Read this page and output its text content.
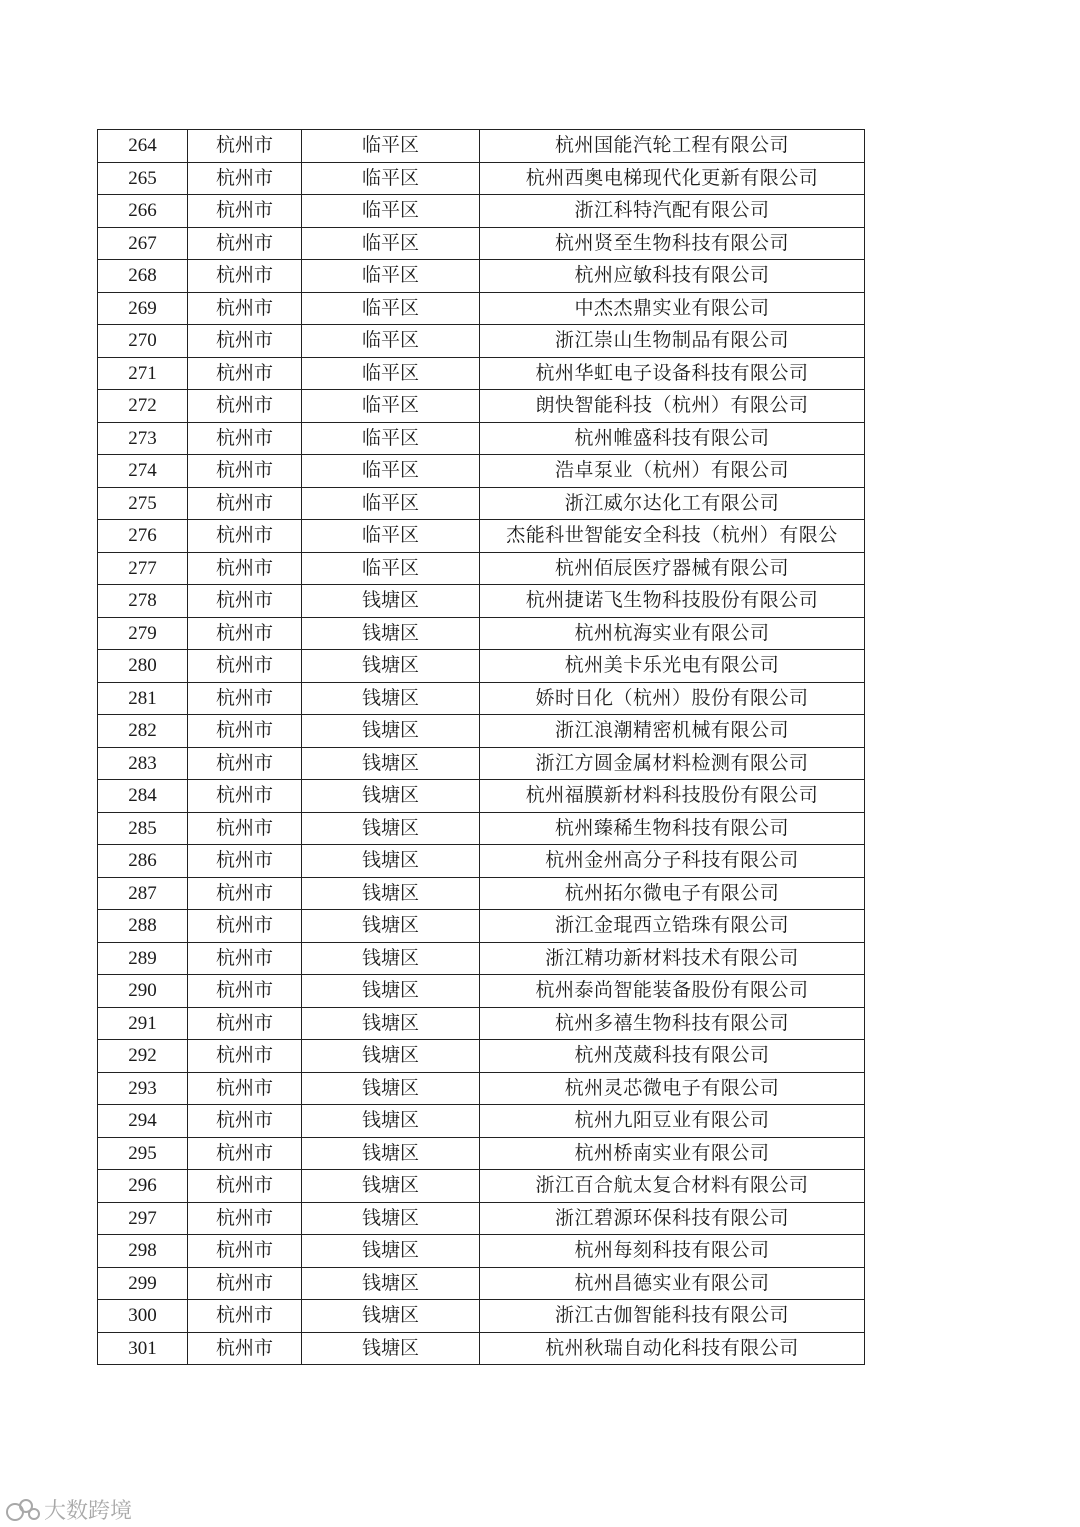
264	杭州市	临平区	杭州国能汽轮工程有限公司
265	杭州市	临平区	杭州西奥电梯现代化更新有限公司
266	杭州市	临平区	浙江科特汽配有限公司
267	杭州市	临平区	杭州贤至生物科技有限公司
268	杭州市	临平区	杭州应敏科技有限公司
269	杭州市	临平区	中杰杰鼎实业有限公司
270	杭州市	临平区	浙江崇山生物制品有限公司
271	杭州市	临平区	杭州华虹电子设备科技有限公司
272	杭州市	临平区	朗快智能科技（杭州）有限公司
273	杭州市	临平区	杭州帷盛科技有限公司
274	杭州市	临平区	浩卓泵业（杭州）有限公司
275	杭州市	临平区	浙江威尔达化工有限公司
276	杭州市	临平区	杰能科世智能安全科技（杭州）有限公
277	杭州市	临平区	杭州佰辰医疗器械有限公司
278	杭州市	钱塘区	杭州捷诺飞生物科技股份有限公司
279	杭州市	钱塘区	杭州杭海实业有限公司
280	杭州市	钱塘区	杭州美卡乐光电有限公司
281	杭州市	钱塘区	娇时日化（杭州）股份有限公司
282	杭州市	钱塘区	浙江浪潮精密机械有限公司
283	杭州市	钱塘区	浙江方圆金属材料检测有限公司
284	杭州市	钱塘区	杭州福膜新材料科技股份有限公司
285	杭州市	钱塘区	杭州臻稀生物科技有限公司
286	杭州市	钱塘区	杭州金州高分子科技有限公司
287	杭州市	钱塘区	杭州拓尔微电子有限公司
288	杭州市	钱塘区	浙江金琨西立锆珠有限公司
289	杭州市	钱塘区	浙江精功新材料技术有限公司
290	杭州市	钱塘区	杭州泰尚智能装备股份有限公司
291	杭州市	钱塘区	杭州多禧生物科技有限公司
292	杭州市	钱塘区	杭州茂葳科技有限公司
293	杭州市	钱塘区	杭州灵芯微电子有限公司
294	杭州市	钱塘区	杭州九阳豆业有限公司
295	杭州市	钱塘区	杭州桥南实业有限公司
296	杭州市	钱塘区	浙江百合航太复合材料有限公司
297	杭州市	钱塘区	浙江碧源环保科技有限公司
298	杭州市	钱塘区	杭州每刻科技有限公司
299	杭州市	钱塘区	杭州昌德实业有限公司
300	杭州市	钱塘区	浙江古伽智能科技有限公司
301	杭州市	钱塘区	杭州秋瑞自动化科技有限公司
大数跨境
